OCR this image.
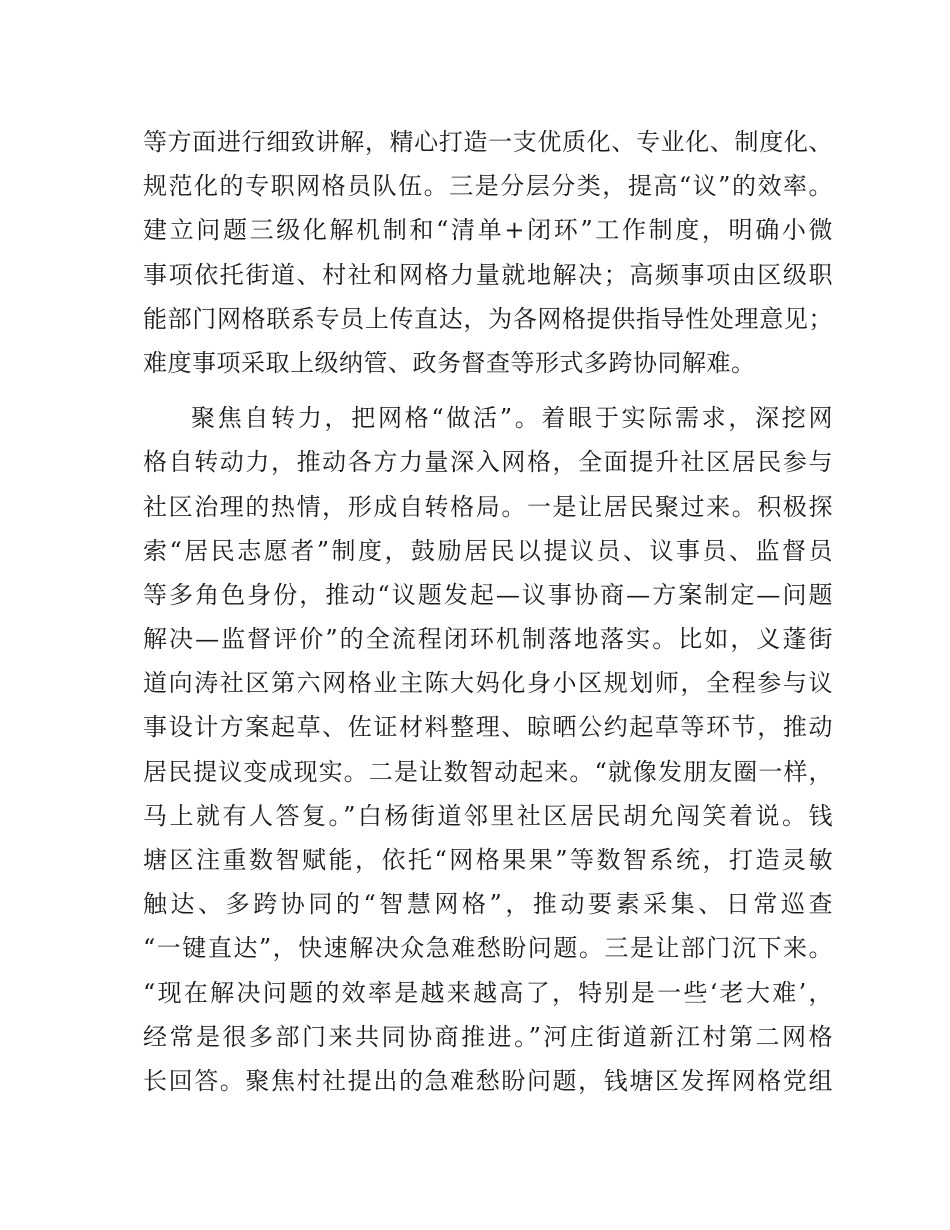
等方面进行细致讲解，精心打造一支优质化、专业化、制度化、
规范化的专职网格员队伍。三是分层分类，提高“议”的效率。
建立问题三级化解机制和“清单+闭环”工作制度，明确小微
事项依托街道、村社和网格力量就地解决；高频事项由区级职
能部门网格联系专员上传直达，为各网格提供指导性处理意见；
难度事项采取上级纳管、政务督查等形式多跨协同解难。
聚焦自转力，把网格“做活”。着眼于实际需求，深挖网
格自转动力，推动各方力量深入网格，全面提升社区居民参与
社区治理的热情，形成自转格局。一是让居民聚过来。积极探
索“居民志愿者”制度，鼓励居民以提议员、议事员、监督员
等多角色身份，推动“议题发起—议事协商—方案制定—问题
解决—监督评价”的全流程闭环机制落地落实。比如，义蓬街
道向涛社区第六网格业主陈大妈化身小区规划师，全程参与议
事设计方案起草、佐证材料整理、晾晒公约起草等环节，推动
居民提议变成现实。二是让数智动起来。“就像发朋友圈一样，
马上就有人答复。”白杨街道邻里社区居民胡允闯笑着说。钱
塘区注重数智赋能，依托“网格果果”等数智系统，打造灵敏
触达、多跨协同的“智慧网格”，推动要素采集、日常巡查
“一键直达”，快速解决众急难愁盼问题。三是让部门沉下来。
“现在解决问题的效率是越来越高了，特别是一些‘老大难’，
经常是很多部门来共同协商推进。”河庄街道新江村第二网格
长回答。聚焦村社提出的急难愁盼问题，钱塘区发挥网格党组
